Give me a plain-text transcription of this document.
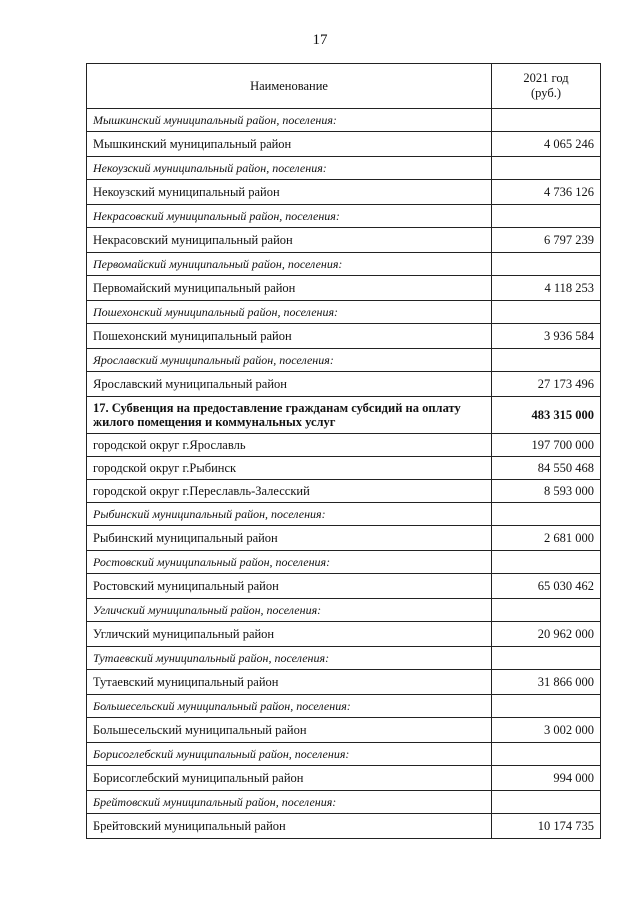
17
Наименование	2021 год
(руб.)

Мышкинский муниципальный район, поселения:	
Мышкинский муниципальный район	4 065 246
Некоузский муниципальный район, поселения:	
Некоузский муниципальный район	4 736 126
Некрасовский муниципальный район, поселения:	
Некрасовский муниципальный район	6 797 239
Первомайский муниципальный район, поселения:	
Первомайский муниципальный район	4 118 253
Пошехонский муниципальный район, поселения:	
Пошехонский муниципальный район	3 936 584
Ярославский муниципальный район, поселения:	
Ярославский муниципальный район	27 173 496
17. Субвенция на предоставление гражданам субсидий на оплату жилого помещения и коммунальных услуг	483 315 000
городской округ г.Ярославль	197 700 000
городской округ г.Рыбинск	84 550 468
городской округ г.Переславль-Залесский	8 593 000
Рыбинский муниципальный район, поселения:	
Рыбинский муниципальный район	2 681 000
Ростовский муниципальный район, поселения:	
Ростовский муниципальный район	65 030 462
Угличский муниципальный район, поселения:	
Угличский муниципальный район	20 962 000
Тутаевский муниципальный район, поселения:	
Тутаевский муниципальный район	31 866 000
Большесельский муниципальный район, поселения:	
Большесельский муниципальный район	3 002 000
Борисоглебский муниципальный район, поселения:	
Борисоглебский муниципальный район	994 000
Брейтовский муниципальный район, поселения:	
Брейтовский муниципальный район	10 174 735
